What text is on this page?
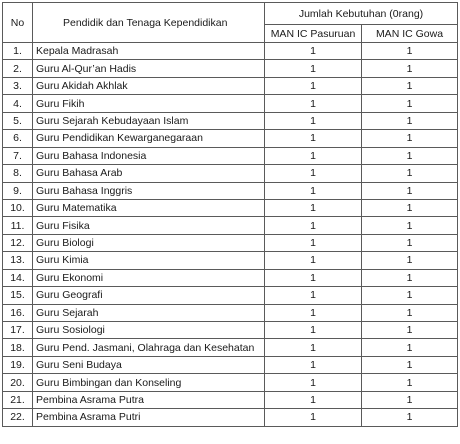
No	Pendidik dan Tenaga Kependidikan	Jumlah Kebutuhan (0rang)	
		MAN IC Pasuruan	MAN IC Gowa
1.	Kepala Madrasah	1	1
2.	Guru Al-Qur’an Hadis	1	1
3.	Guru Akidah Akhlak	1	1
4.	Guru Fikih	1	1
5.	Guru Sejarah Kebudayaan Islam	1	1
6.	Guru Pendidikan Kewarganegaraan	1	1
7.	Guru Bahasa Indonesia	1	1
8.	Guru Bahasa Arab	1	1
9.	Guru Bahasa Inggris	1	1
10.	Guru Matematika	1	1
11.	Guru Fisika	1	1
12.	Guru Biologi	1	1
13.	Guru Kimia	1	1
14.	Guru Ekonomi	1	1
15.	Guru Geografi	1	1
16.	Guru Sejarah	1	1
17.	Guru Sosiologi	1	1
18.	Guru Pend. Jasmani, Olahraga dan Kesehatan	1	1
19.	Guru Seni Budaya	1	1
20.	Guru Bimbingan dan Konseling	1	1
21.	Pembina Asrama Putra	1	1
22.	Pembina Asrama Putri	1	1
